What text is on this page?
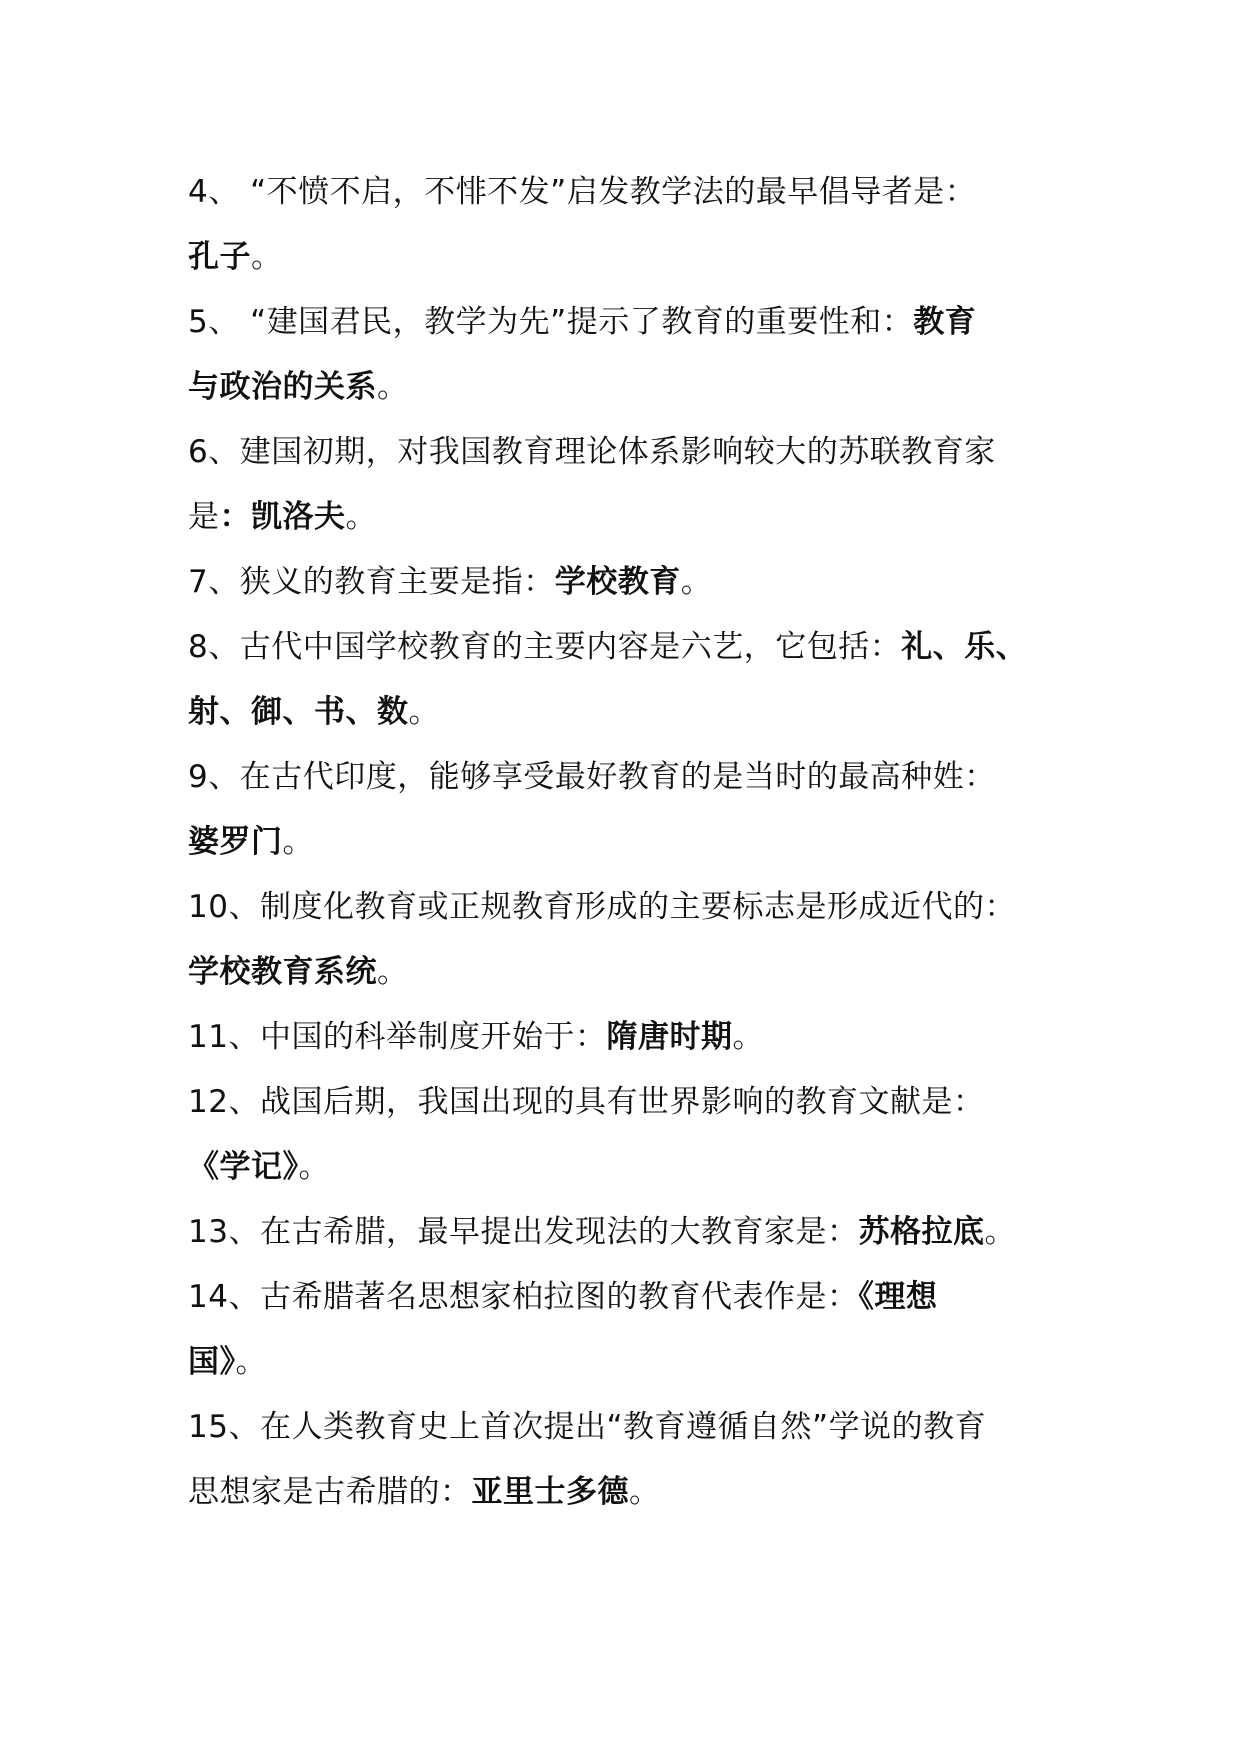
4、 “不愤不启，不悱不发”启发教学法的最早倡导者是：
孔子。
5、 “建国君民，教学为先”提示了教育的重要性和：教育
与政治的关系。
6、建国初期，对我国教育理论体系影响较大的苏联教育家
是：凯洛夫。
7、狭义的教育主要是指：学校教育。
8、古代中国学校教育的主要内容是六艺，它包括：礼、乐、
射、御、书、数。
9、在古代印度，能够享受最好教育的是当时的最高种姓：
婆罗门。
10、制度化教育或正规教育形成的主要标志是形成近代的：
学校教育系统。
11、中国的科举制度开始于：隋唐时期。
12、战国后期，我国出现的具有世界影响的教育文献是：
《学记》。
13、在古希腊，最早提出发现法的大教育家是：苏格拉底。
14、古希腊著名思想家柏拉图的教育代表作是：《理想
国》。
15、在人类教育史上首次提出“教育遵循自然”学说的教育
思想家是古希腊的：亚里士多德。
